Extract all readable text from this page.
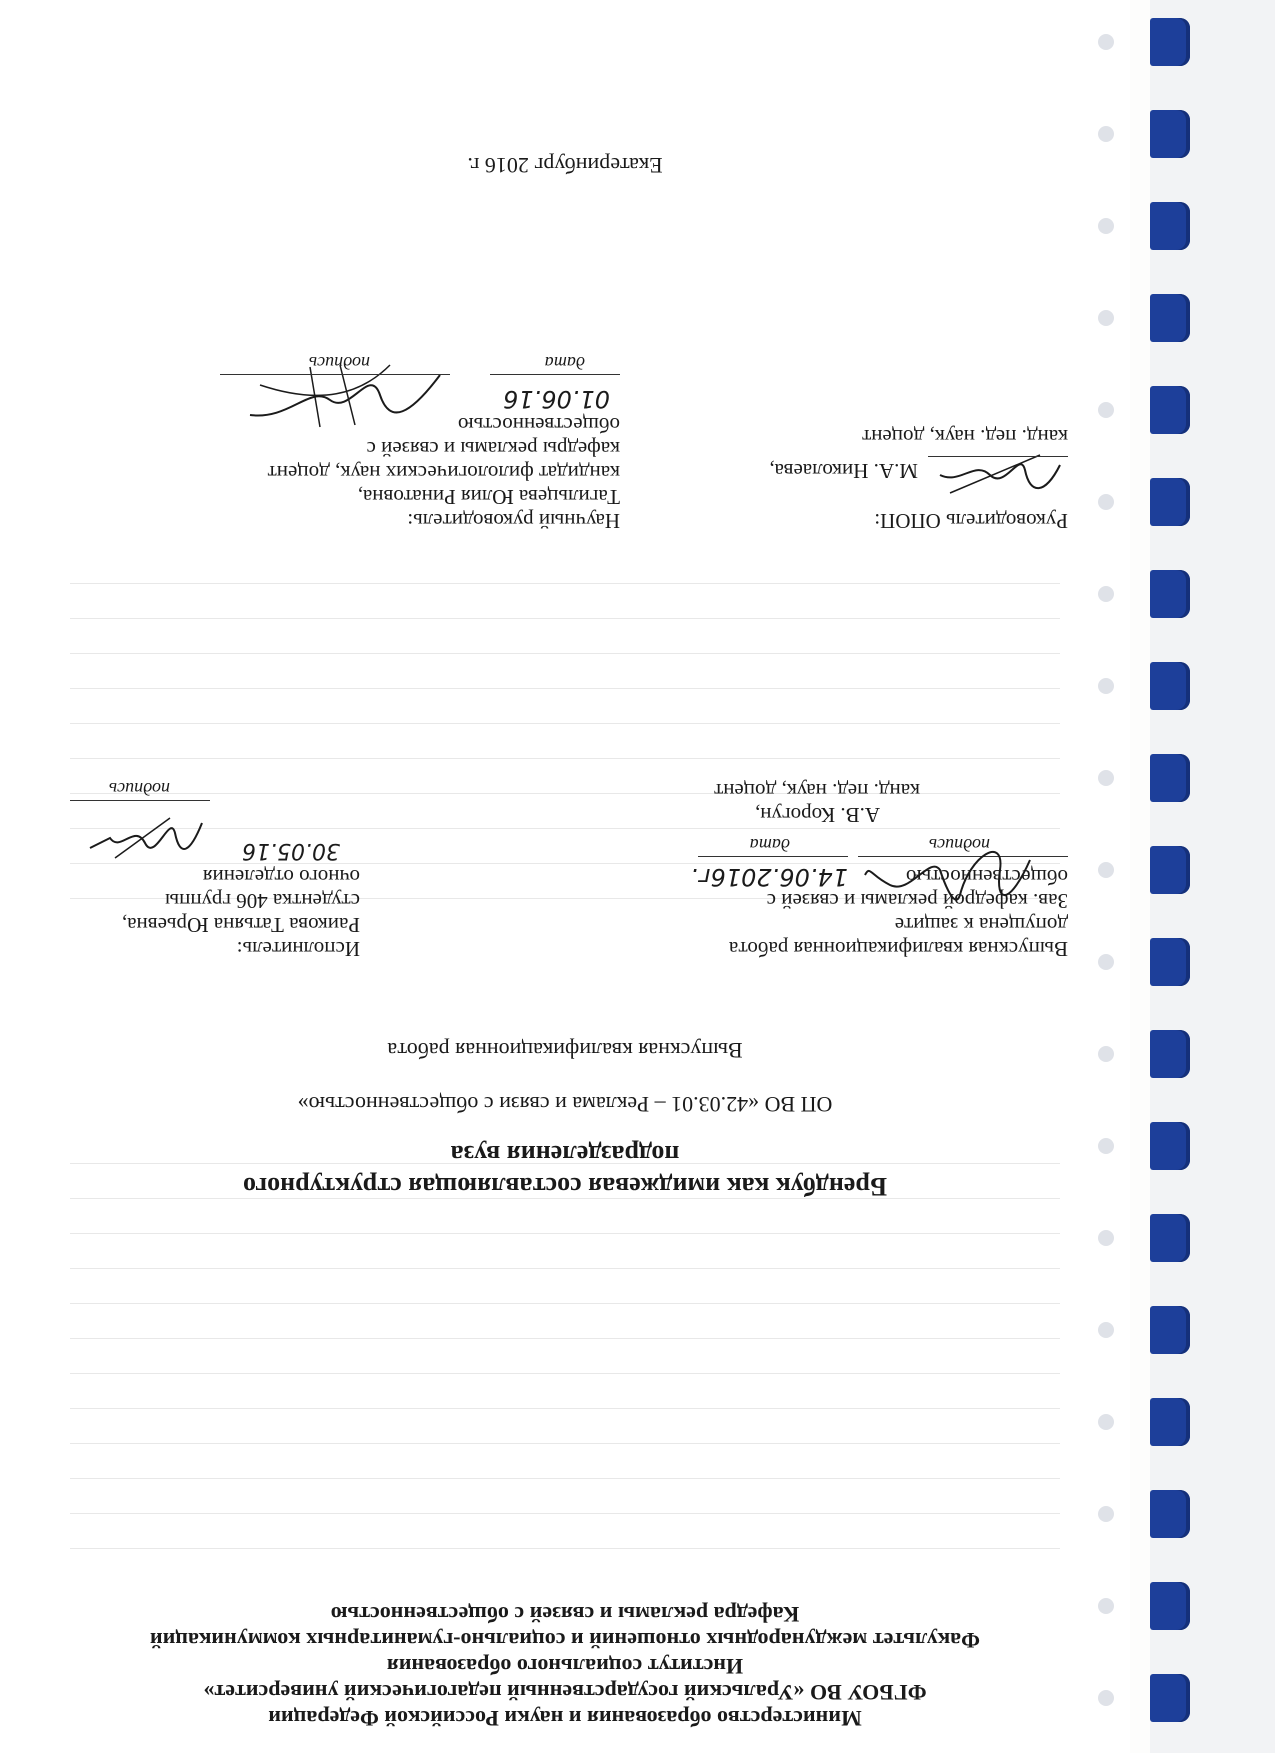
Министерство образования и науки Российской Федерации
ФГБОУ ВО «Уральский государственный педагогический университет»
Институт социального образования
Факультет международных отношений и социально-гуманитарных коммуникаций
Кафедра рекламы и связей с общественностью
Брендбук как имиджевая составляющая структурного
подразделения вуза
ОП ВО «42.03.01 – Реклама и связи с общественностью»
Выпускная квалификационная работа
Выпускная квалификационная работа
допущена к защите
Зав. кафедрой рекламы и связей с
общественностью
подпись
14.06.2016г.
дата
А.В. Корогун,
канд. пед. наук, доцент
Исполнитель:
Раикова Татьяна Юрьевна,
студентка 406 группы
очного отделения
30.05.16
подпись
Руководитель ОПОП:
М.А. Николаева,
канд. пед. наук, доцент
Научный руководитель:
Тагильцева Юлия Ринатовна,
кандидат филологических наук, доцент
кафедры рекламы и связей с
общественностью
01.06.16
дата
подпись
Екатеринбург 2016 г.
